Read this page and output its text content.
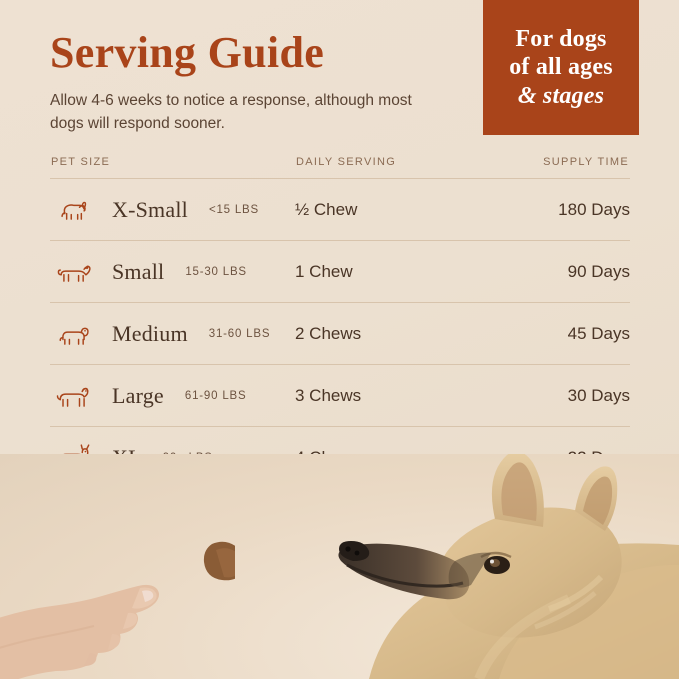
For dogs
of all ages
& stages
Serving Guide
Allow 4-6 weeks to notice a response, although most dogs will respond sooner.
PET SIZE	DAILY SERVING	SUPPLY TIME

X-Small <15 LBS	½ Chew	180 Days

Small 15-30 LBS	1 Chew	90 Days

Medium 31-60 LBS	2 Chews	45 Days

Large 61-90 LBS	3 Chews	30 Days
